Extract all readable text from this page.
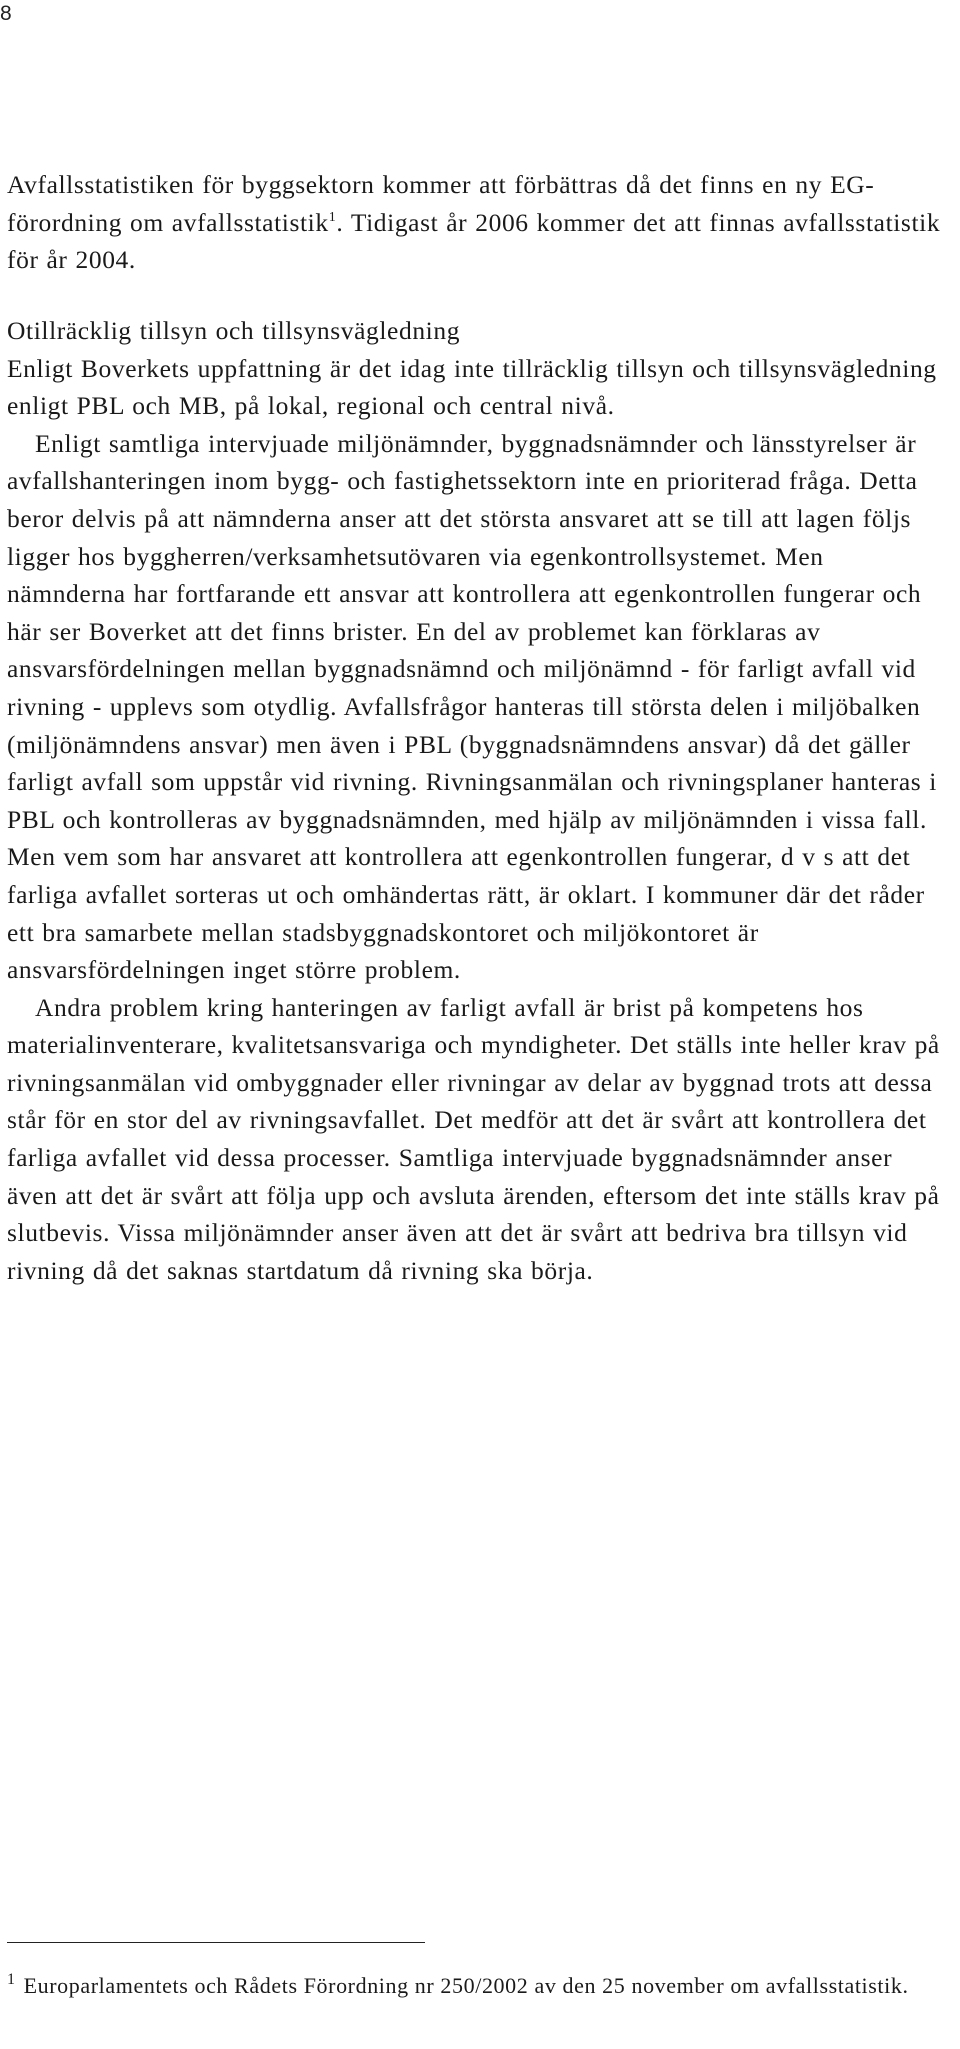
8

Avfallsstatistiken för byggsektorn kommer att förbättras då det finns en ny EG-förordning om avfallsstatistik$^1$. Tidigast år 2006 kommer det att finnas avfallsstatistik för år 2004.

Otillräcklig tillsyn och tillsynsvägledning

Enligt Boverkets uppfattning är det idag inte tillräcklig tillsyn och tillsynsvägledning enligt PBL och MB, på lokal, regional och central nivå.

Enligt samtliga intervjuade miljönämnder, byggnadsnämnder och länsstyrelser är avfallshanteringen inom bygg- och fastighetssektorn inte en prioriterad fråga. Detta beror delvis på att nämnderna anser att det största ansvaret att se till att lagen följs ligger hos byggherren/verksamhetsutövaren via egenkontrollsystemet. Men nämnderna har fortfarande ett ansvar att kontrollera att egenkontrollen fungerar och här ser Boverket att det finns brister. En del av problemet kan förklaras av ansvarsfördelningen mellan byggnadsnämnd och miljönämnd - för farligt avfall vid rivning - upplevs som otydlig. Avfallsfrågor hanteras till största delen i miljöbalken (miljönämndens ansvar) men även i PBL (byggnadsnämndens ansvar) då det gäller farligt avfall som uppstår vid rivning. Rivningsanmälan och rivningsplaner hanteras i PBL och kontrolleras av byggnadsnämnden, med hjälp av miljönämnden i vissa fall. Men vem som har ansvaret att kontrollera att egenkontrollen fungerar, d v s att det farliga avfallet sorteras ut och omhändertas rätt, är oklart. I kommuner där det råder ett bra samarbete mellan stadsbyggnadskontoret och miljökontoret är ansvarsfördelningen inget större problem.

Andra problem kring hanteringen av farligt avfall är brist på kompetens hos materialinventerare, kvalitetsansvariga och myndigheter. Det ställs inte heller krav på rivningsanmälan vid ombyggnader eller rivningar av delar av byggnad trots att dessa står för en stor del av rivningsavfallet. Det medför att det är svårt att kontrollera det farliga avfallet vid dessa processer. Samtliga intervjuade byggnadsnämnder anser även att det är svårt att följa upp och avsluta ärenden, eftersom det inte ställs krav på slutbevis. Vissa miljönämnder anser även att det är svårt att bedriva bra tillsyn vid rivning då det saknas startdatum då rivning ska börja.

$^1$ Europarlamentets och Rådets Förordning nr 250/2002 av den 25 november om avfallsstatistik.
